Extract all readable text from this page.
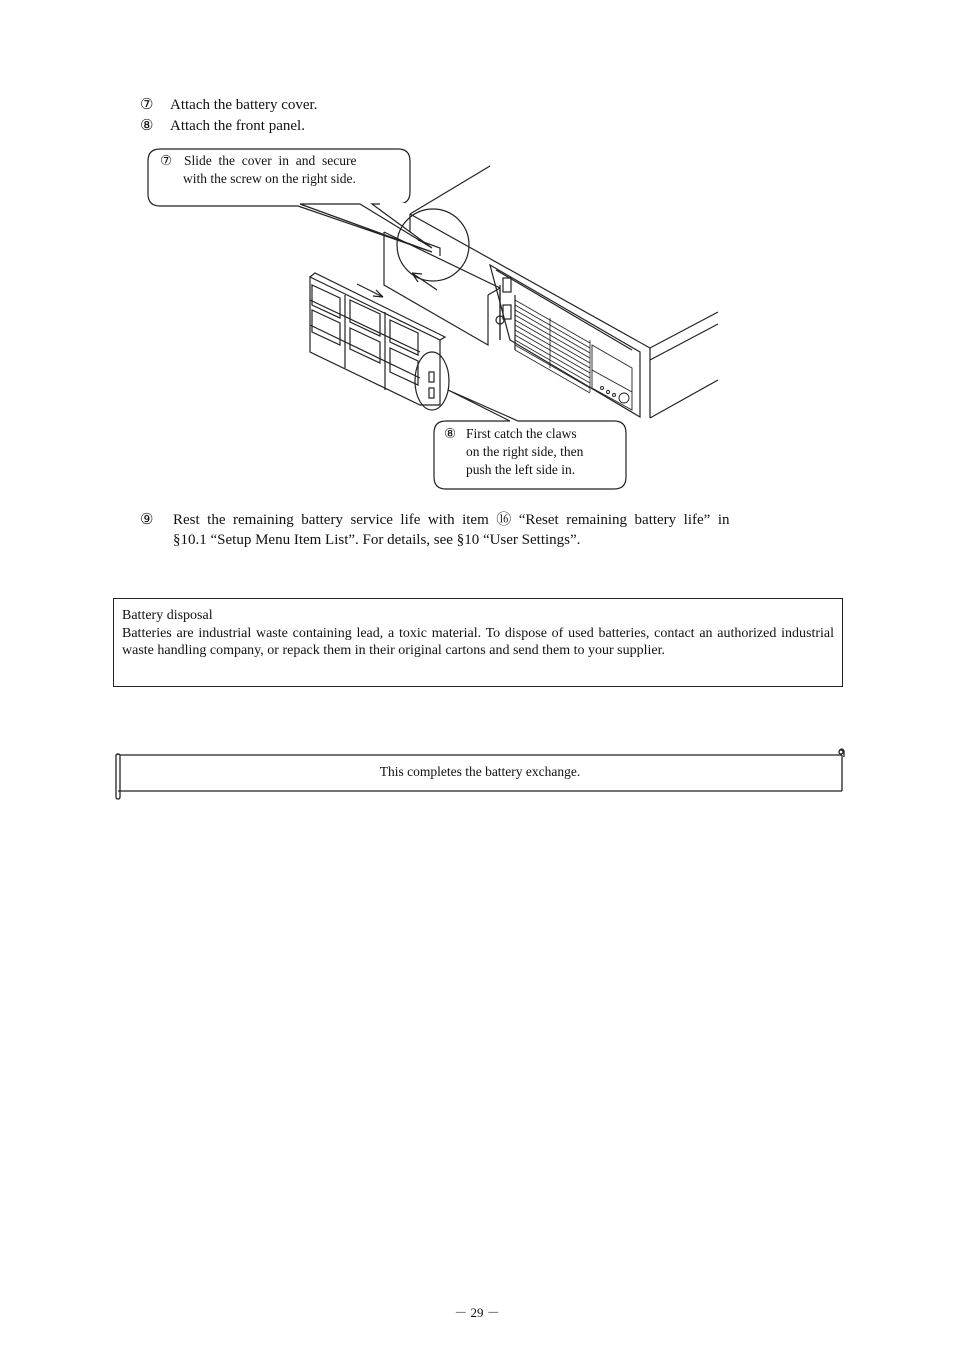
⑦ Attach the battery cover.
⑧ Attach the front panel.
⑦ Slide  the  cover  in  and  secure
with the screw on the right side.
⑧ First catch the claws
on the right side, then
push the left side in.
⑨	Rest  the  remaining  battery  service  life  with  item  ⑯  “Reset  remaining  battery  life”  in
§10.1 “Setup Menu Item List”. For details, see §10 “User Settings”.
Battery disposal
Batteries are industrial waste containing lead, a toxic material. To dispose of used batteries, contact an authorized industrial waste handling company, or repack them in their original cartons and send them to your supplier.
This completes the battery exchange.
－ 29 －
